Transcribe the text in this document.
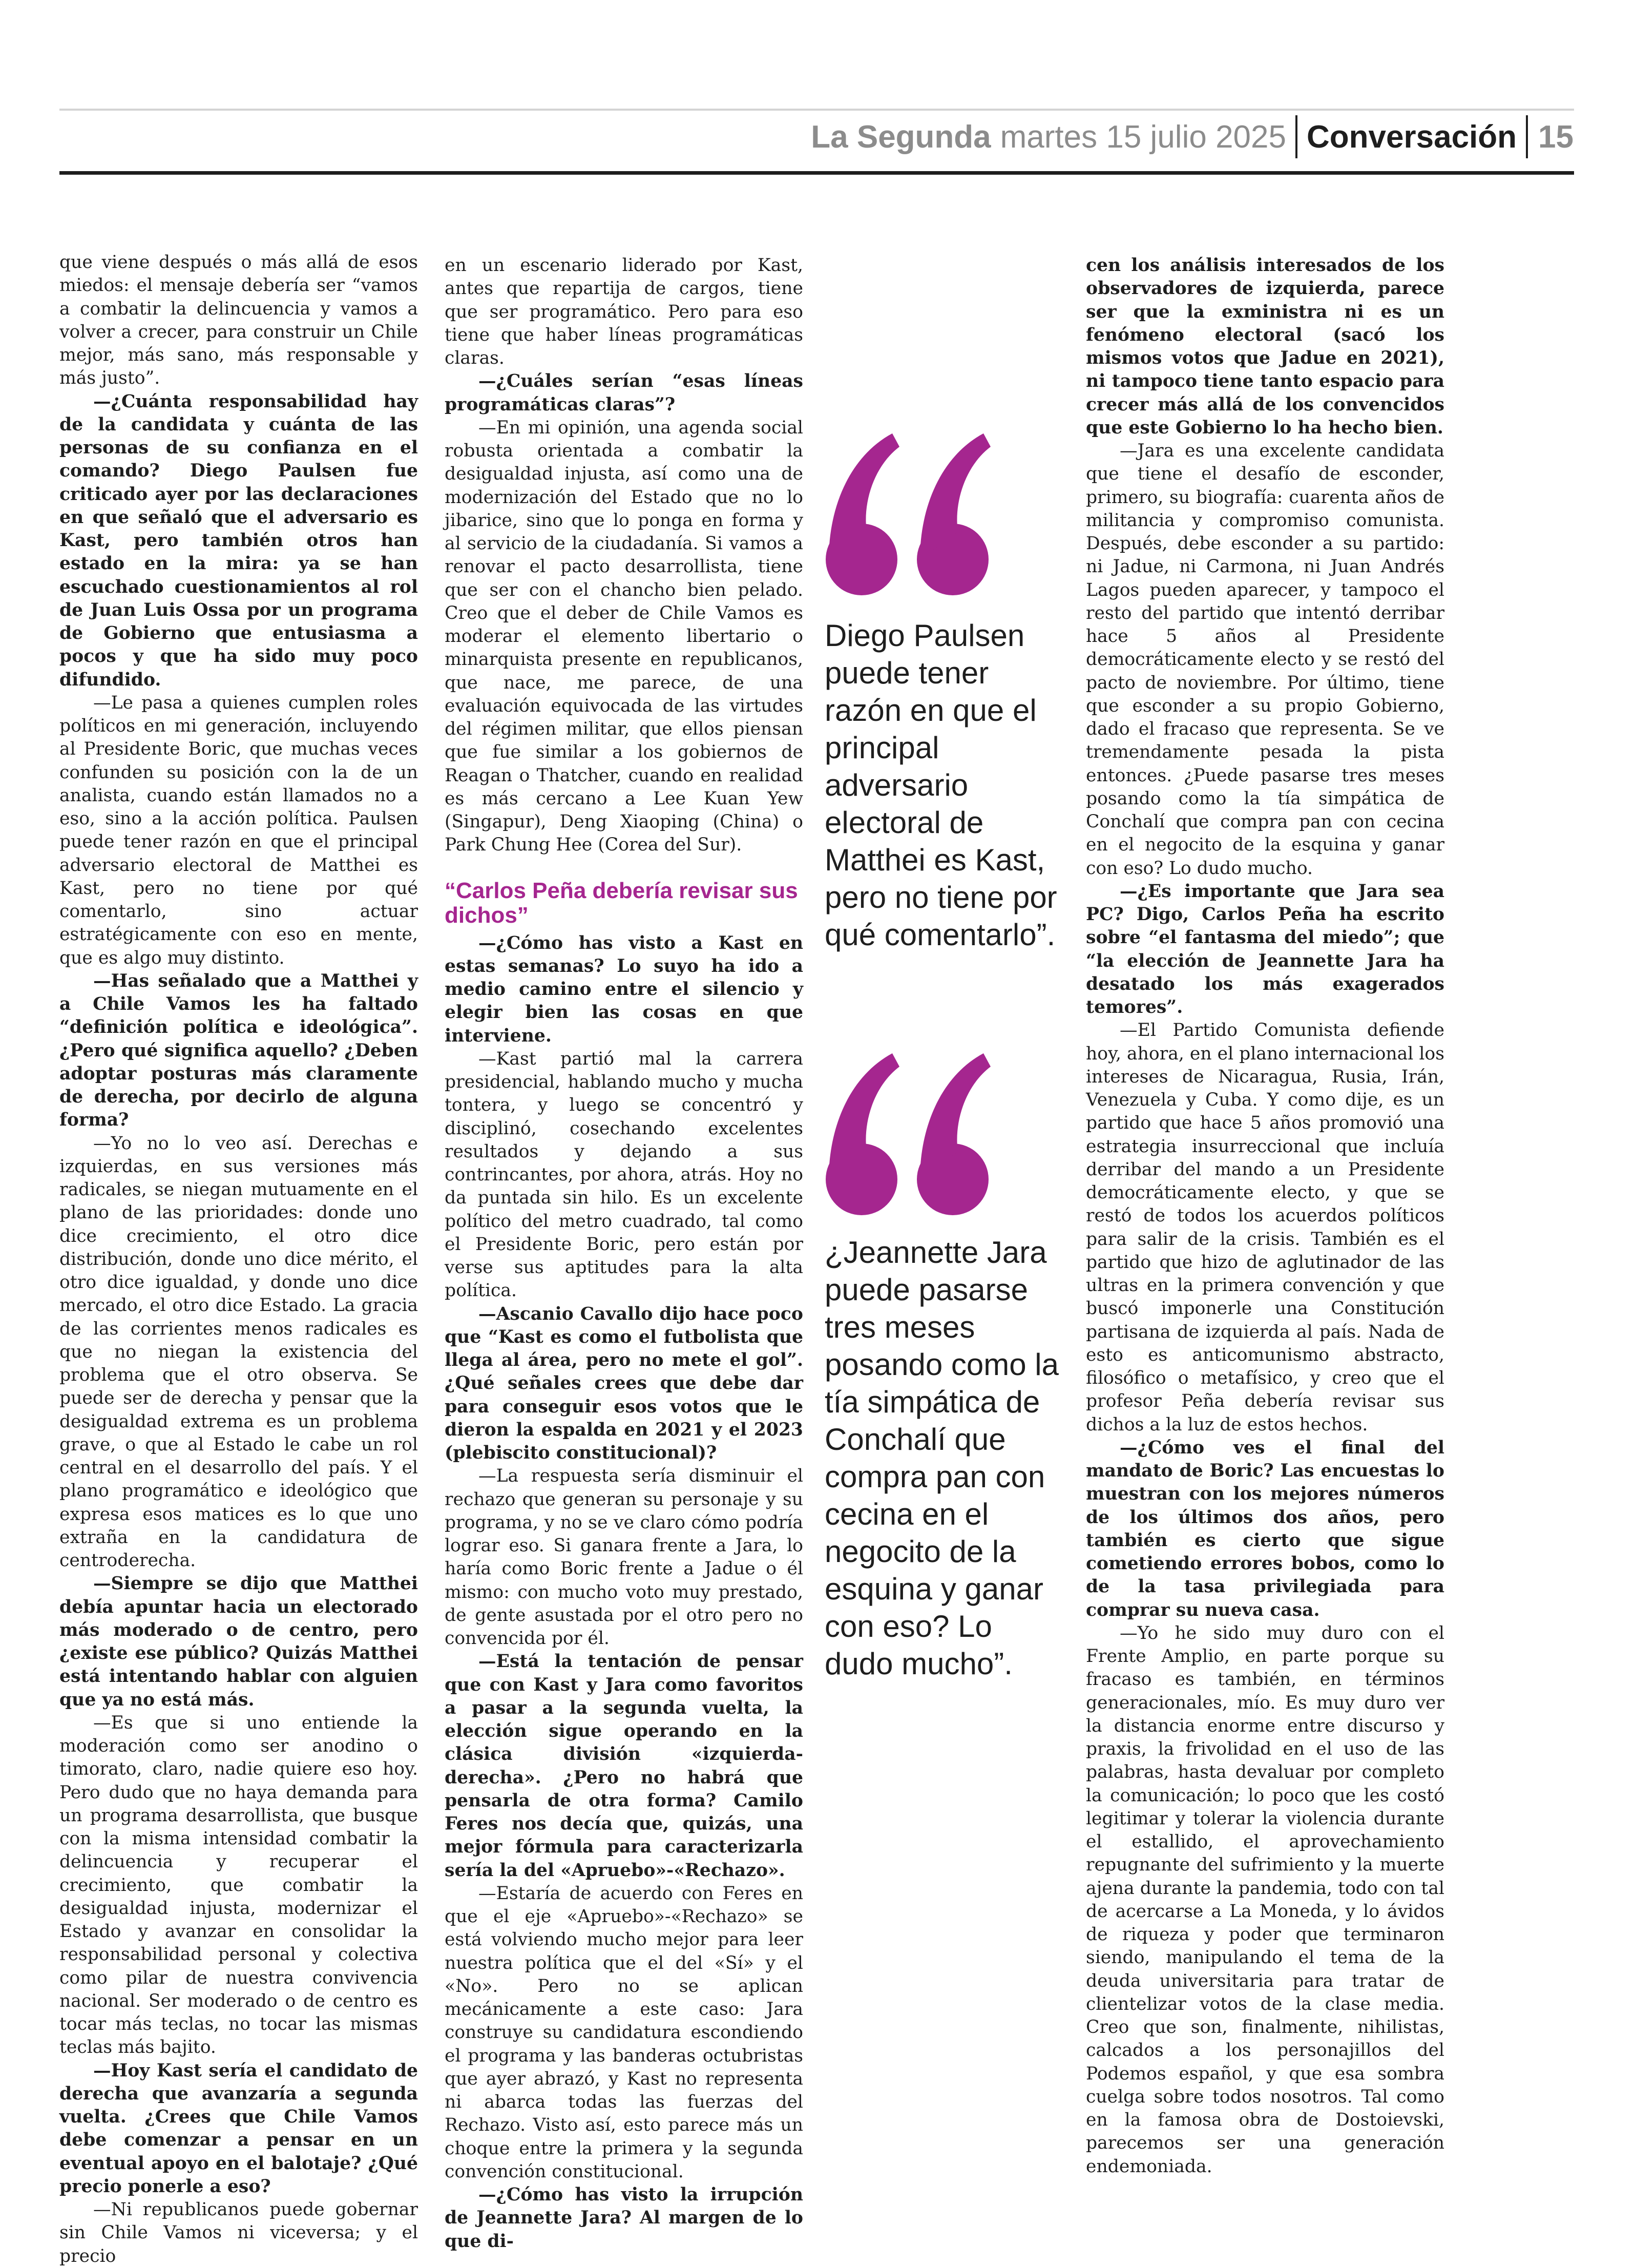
La Segunda martes 15 julio 2025 Conversación 15

que viene después o más allá de esos miedos: el mensaje debería ser “vamos a combatir la delincuencia y vamos a volver a crecer, para construir un Chile mejor, más sano, más responsable y más justo”.

—¿Cuánta responsabilidad hay de la candidata y cuánta de las personas de su confianza en el comando? Diego Paulsen fue criticado ayer por las declaraciones en que señaló que el adversario es Kast, pero también otros han estado en la mira: ya se han escuchado cuestionamientos al rol de Juan Luis Ossa por un programa de Gobierno que entusiasma a pocos y que ha sido muy poco difundido.

—Le pasa a quienes cumplen roles políticos en mi generación, incluyendo al Presidente Boric, que muchas veces confunden su posición con la de un analista, cuando están llamados no a eso, sino a la acción política. Paulsen puede tener razón en que el principal adversario electoral de Matthei es Kast, pero no tiene por qué comentarlo, sino actuar estratégicamente con eso en mente, que es algo muy distinto.

—Has señalado que a Matthei y a Chile Vamos les ha faltado “definición política e ideológica”. ¿Pero qué significa aquello? ¿Deben adoptar posturas más claramente de derecha, por decirlo de alguna forma?

—Yo no lo veo así. Derechas e izquierdas, en sus versiones más radicales, se niegan mutuamente en el plano de las prioridades: donde uno dice crecimiento, el otro dice distribución, donde uno dice mérito, el otro dice igualdad, y donde uno dice mercado, el otro dice Estado. La gracia de las corrientes menos radicales es que no niegan la existencia del problema que el otro observa. Se puede ser de derecha y pensar que la desigualdad extrema es un problema grave, o que al Estado le cabe un rol central en el desarrollo del país. Y el plano programático e ideológico que expresa esos matices es lo que uno extraña en la candidatura de centroderecha.

—Siempre se dijo que Matthei debía apuntar hacia un electorado más moderado o de centro, pero ¿existe ese público? Quizás Matthei está intentando hablar con alguien que ya no está más.

—Es que si uno entiende la moderación como ser anodino o timorato, claro, nadie quiere eso hoy. Pero dudo que no haya demanda para un programa desarrollista, que busque con la misma intensidad combatir la delincuencia y recuperar el crecimiento, que combatir la desigualdad injusta, modernizar el Estado y avanzar en consolidar la responsabilidad personal y colectiva como pilar de nuestra convivencia nacional. Ser moderado o de centro es tocar más teclas, no tocar las mismas teclas más bajito.

—Hoy Kast sería el candidato de derecha que avanzaría a segunda vuelta. ¿Crees que Chile Vamos debe comenzar a pensar en un eventual apoyo en el balotaje? ¿Qué precio ponerle a eso?

—Ni republicanos puede gobernar sin Chile Vamos ni viceversa; y el precio

en un escenario liderado por Kast, antes que repartija de cargos, tiene que ser programático. Pero para eso tiene que haber líneas programáticas claras.

—¿Cuáles serían “esas líneas programáticas claras”?

—En mi opinión, una agenda social robusta orientada a combatir la desigualdad injusta, así como una de modernización del Estado que no lo jibarice, sino que lo ponga en forma y al servicio de la ciudadanía. Si vamos a renovar el pacto desarrollista, tiene que ser con el chancho bien pelado. Creo que el deber de Chile Vamos es moderar el elemento libertario o minarquista presente en republicanos, que nace, me parece, de una evaluación equivocada de las virtudes del régimen militar, que ellos piensan que fue similar a los gobiernos de Reagan o Thatcher, cuando en realidad es más cercano a Lee Kuan Yew (Singapur), Deng Xiaoping (China) o Park Chung Hee (Corea del Sur).

“Carlos Peña debería revisar sus dichos”

—¿Cómo has visto a Kast en estas semanas? Lo suyo ha ido a medio camino entre el silencio y elegir bien las cosas en que interviene.

—Kast partió mal la carrera presidencial, hablando mucho y mucha tontera, y luego se concentró y disciplinó, cosechando excelentes resultados y dejando a sus contrincantes, por ahora, atrás. Hoy no da puntada sin hilo. Es un excelente político del metro cuadrado, tal como el Presidente Boric, pero están por verse sus aptitudes para la alta política.

—Ascanio Cavallo dijo hace poco que “Kast es como el futbolista que llega al área, pero no mete el gol”. ¿Qué señales crees que debe dar para conseguir esos votos que le dieron la espalda en 2021 y el 2023 (plebiscito constitucional)?

—La respuesta sería disminuir el rechazo que generan su personaje y su programa, y no se ve claro cómo podría lograr eso. Si ganara frente a Jara, lo haría como Boric frente a Jadue o él mismo: con mucho voto muy prestado, de gente asustada por el otro pero no convencida por él.

—Está la tentación de pensar que con Kast y Jara como favoritos a pasar a la segunda vuelta, la elección sigue operando en la clásica división «izquierda-derecha». ¿Pero no habrá que pensarla de otra forma? Camilo Feres nos decía que, quizás, una mejor fórmula para caracterizarla sería la del «Apruebo»-«Rechazo».

—Estaría de acuerdo con Feres en que el eje «Apruebo»-«Rechazo» se está volviendo mucho mejor para leer nuestra política que el del «Sí» y el «No». Pero no se aplican mecánicamente a este caso: Jara construye su candidatura escondiendo el programa y las banderas octubristas que ayer abrazó, y Kast no representa ni abarca todas las fuerzas del Rechazo. Visto así, esto parece más un choque entre la primera y la segunda convención constitucional.

—¿Cómo has visto la irrupción de Jeannette Jara? Al margen de lo que di-

Diego Paulsen puede tener razón en que el principal adversario electoral de Matthei es Kast, pero no tiene por qué comentarlo”.

¿Jeannette Jara puede pasarse tres meses posando como la tía simpática de Conchalí que compra pan con cecina en el negocito de la esquina y ganar con eso? Lo dudo mucho”.

cen los análisis interesados de los observadores de izquierda, parece ser que la exministra ni es un fenómeno electoral (sacó los mismos votos que Jadue en 2021), ni tampoco tiene tanto espacio para crecer más allá de los convencidos que este Gobierno lo ha hecho bien.

—Jara es una excelente candidata que tiene el desafío de esconder, primero, su biografía: cuarenta años de militancia y compromiso comunista. Después, debe esconder a su partido: ni Jadue, ni Carmona, ni Juan Andrés Lagos pueden aparecer, y tampoco el resto del partido que intentó derribar hace 5 años al Presidente democráticamente electo y se restó del pacto de noviembre. Por último, tiene que esconder a su propio Gobierno, dado el fracaso que representa. Se ve tremendamente pesada la pista entonces. ¿Puede pasarse tres meses posando como la tía simpática de Conchalí que compra pan con cecina en el negocito de la esquina y ganar con eso? Lo dudo mucho.

—¿Es importante que Jara sea PC? Digo, Carlos Peña ha escrito sobre “el fantasma del miedo”; que “la elección de Jeannette Jara ha desatado los más exagerados temores”.

—El Partido Comunista defiende hoy, ahora, en el plano internacional los intereses de Nicaragua, Rusia, Irán, Venezuela y Cuba. Y como dije, es un partido que hace 5 años promovió una estrategia insurreccional que incluía derribar del mando a un Presidente democráticamente electo, y que se restó de todos los acuerdos políticos para salir de la crisis. También es el partido que hizo de aglutinador de las ultras en la primera convención y que buscó imponerle una Constitución partisana de izquierda al país. Nada de esto es anticomunismo abstracto, filosófico o metafísico, y creo que el profesor Peña debería revisar sus dichos a la luz de estos hechos.

—¿Cómo ves el final del mandato de Boric? Las encuestas lo muestran con los mejores números de los últimos dos años, pero también es cierto que sigue cometiendo errores bobos, como lo de la tasa privilegiada para comprar su nueva casa.

—Yo he sido muy duro con el Frente Amplio, en parte porque su fracaso es también, en términos generacionales, mío. Es muy duro ver la distancia enorme entre discurso y praxis, la frivolidad en el uso de las palabras, hasta devaluar por completo la comunicación; lo poco que les costó legitimar y tolerar la violencia durante el estallido, el aprovechamiento repugnante del sufrimiento y la muerte ajena durante la pandemia, todo con tal de acercarse a La Moneda, y lo ávidos de riqueza y poder que terminaron siendo, manipulando el tema de la deuda universitaria para tratar de clientelizar votos de la clase media. Creo que son, finalmente, nihilistas, calcados a los personajillos del Podemos español, y que esa sombra cuelga sobre todos nosotros. Tal como en la famosa obra de Dostoievski, parecemos ser una generación endemoniada.
